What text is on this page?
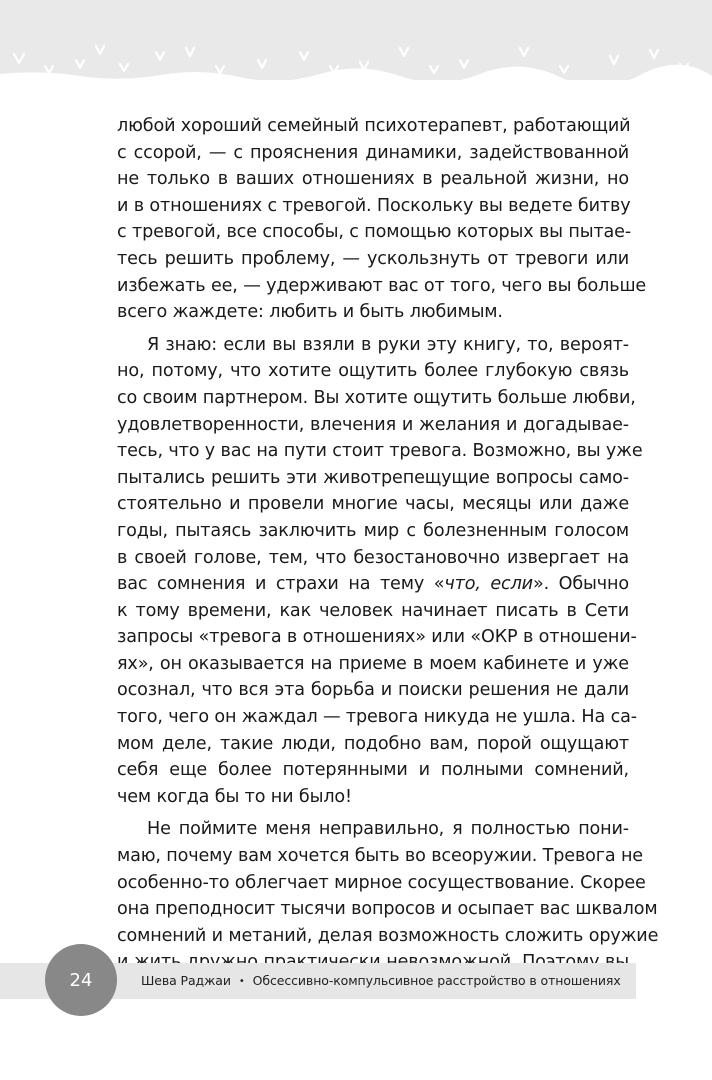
любой хороший семейный психотерапевт, работающий
с ссорой, — с прояснения динамики, задействованной
не только в ваших отношениях в реальной жизни, но
и в отношениях с тревогой. Поскольку вы ведете битву
с тревогой, все способы, с помощью которых вы пытае-
тесь решить проблему, — ускользнуть от тревоги или
избежать ее, — удерживают вас от того, чего вы больше
всего жаждете: любить и быть любимым.

Я знаю: если вы взяли в руки эту книгу, то, вероят-
но, потому, что хотите ощутить более глубокую связь
со своим партнером. Вы хотите ощутить больше любви,
удовлетворенности, влечения и желания и догадывае-
тесь, что у вас на пути стоит тревога. Возможно, вы уже
пытались решить эти животрепещущие вопросы само-
стоятельно и провели многие часы, месяцы или даже
годы, пытаясь заключить мир с болезненным голосом
в своей голове, тем, что безостановочно извергает на
вас сомнения и страхи на тему «что, если». Обычно
к тому времени, как человек начинает писать в Сети
запросы «тревога в отношениях» или «ОКР в отношени-
ях», он оказывается на приеме в моем кабинете и уже
осознал, что вся эта борьба и поиски решения не дали
того, чего он жаждал — тревога никуда не ушла. На са-
мом деле, такие люди, подобно вам, порой ощущают
себя еще более потерянными и полными сомнений,
чем когда бы то ни было!

Не поймите меня неправильно, я полностью пони-
маю, почему вам хочется быть во всеоружии. Тревога не
особенно-то облегчает мирное сосуществование. Скорее
она преподносит тысячи вопросов и осыпает вас шквалом
сомнений и метаний, делая возможность сложить оружие

24	Шева Раджаи • Обсессивно-компульсивное расстройство в отношениях
